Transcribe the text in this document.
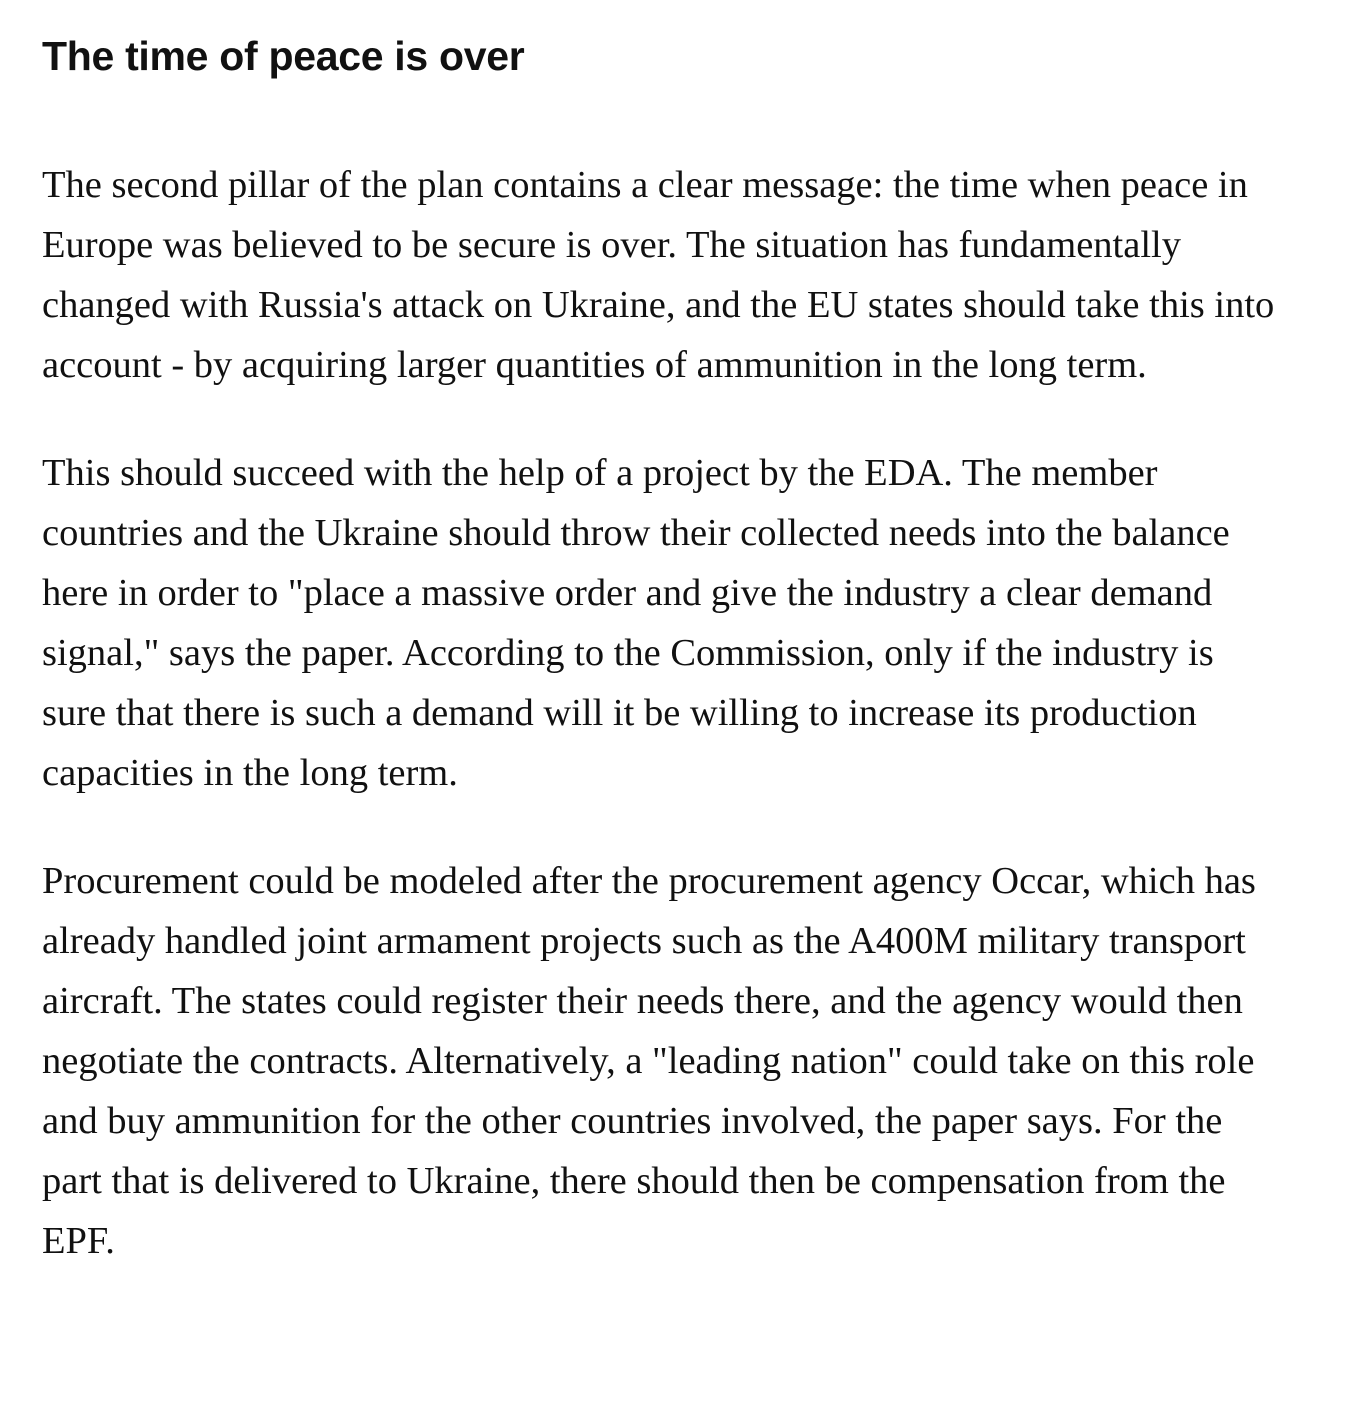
The time of peace is over

The second pillar of the plan contains a clear message: the time when peace in Europe was believed to be secure is over. The situation has fundamentally changed with Russia's attack on Ukraine, and the EU states should take this into account - by acquiring larger quantities of ammunition in the long term.

This should succeed with the help of a project by the EDA. The member countries and the Ukraine should throw their collected needs into the balance here in order to "place a massive order and give the industry a clear demand signal," says the paper. According to the Commission, only if the industry is sure that there is such a demand will it be willing to increase its production capacities in the long term.

Procurement could be modeled after the procurement agency Occar, which has already handled joint armament projects such as the A400M military transport aircraft. The states could register their needs there, and the agency would then negotiate the contracts. Alternatively, a "leading nation" could take on this role and buy ammunition for the other countries involved, the paper says. For the part that is delivered to Ukraine, there should then be compensation from the EPF.
